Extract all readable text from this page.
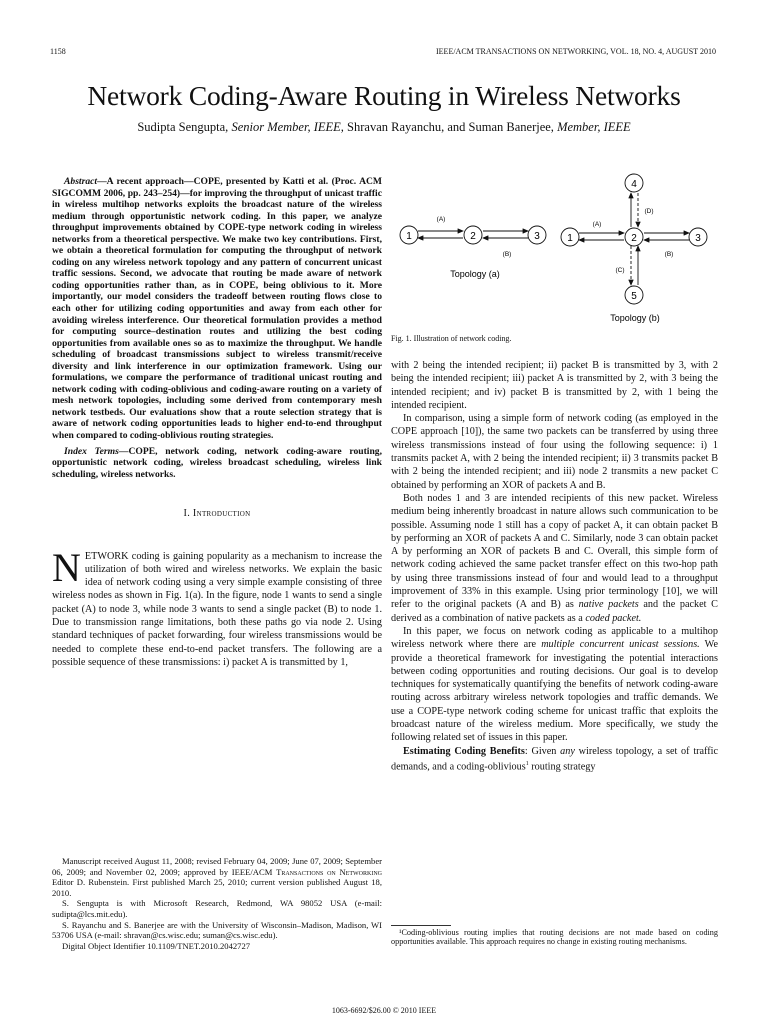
1158	IEEE/ACM TRANSACTIONS ON NETWORKING, VOL. 18, NO. 4, AUGUST 2010
Network Coding-Aware Routing in Wireless Networks
Sudipta Sengupta, Senior Member, IEEE, Shravan Rayanchu, and Suman Banerjee, Member, IEEE

Abstract—A recent approach—COPE, presented by Katti et al. (Proc. ACM SIGCOMM 2006, pp. 243–254)—for improving the throughput of unicast traffic in wireless multihop networks exploits the broadcast nature of the wireless medium through opportunistic network coding. In this paper, we analyze throughput improvements obtained by COPE-type network coding in wireless networks from a theoretical perspective. We make two key contributions. First, we obtain a theoretical formulation for computing the throughput of network coding on any wireless network topology and any pattern of concurrent unicast traffic sessions. Second, we advocate that routing be made aware of network coding opportunities rather than, as in COPE, being oblivious to it. More importantly, our model considers the tradeoff between routing flows close to each other for utilizing coding opportunities and away from each other for avoiding wireless interference. Our theoretical formulation provides a method for computing source–destination routes and utilizing the best coding opportunities from available ones so as to maximize the throughput. We handle scheduling of broadcast transmissions subject to wireless transmit/receive diversity and link interference in our optimization framework. Using our formulations, we compare the performance of traditional unicast routing and network coding with coding-oblivious and coding-aware routing on a variety of mesh network topologies, including some derived from contemporary mesh network testbeds. Our evaluations show that a route selection strategy that is aware of network coding opportunities leads to higher end-to-end throughput when compared to coding-oblivious routing strategies.

Index Terms—COPE, network coding, network coding-aware routing, opportunistic network coding, wireless broadcast scheduling, wireless link scheduling, wireless networks.

I. Introduction

NETWORK coding is gaining popularity as a mechanism to increase the utilization of both wired and wireless networks. We explain the basic idea of network coding using a very simple example consisting of three wireless nodes as shown in Fig. 1(a). In the figure, node 1 wants to send a single packet (A) to node 3, while node 3 wants to send a single packet (B) to node 1. Due to transmission range limitations, both these paths go via node 2. Using standard techniques of packet forwarding, four wireless transmissions would be needed to complete these end-to-end packet transfers. The following are a possible sequence of these transmissions: i) packet A is transmitted by 1,

Manuscript received August 11, 2008; revised February 04, 2009; June 07, 2009; September 06, 2009; and November 02, 2009; approved by IEEE/ACM Transactions on Networking Editor D. Rubenstein. First published March 25, 2010; current version published August 18, 2010.

S. Sengupta is with Microsoft Research, Redmond, WA 98052 USA (e-mail: sudipta@lcs.mit.edu).

S. Rayanchu and S. Banerjee are with the University of Wisconsin–Madison, Madison, WI 53706 USA (e-mail: shravan@cs.wisc.edu; suman@cs.wisc.edu).

Digital Object Identifier 10.1109/TNET.2010.2042727

1	2	3
(A)
(B)
Topology (a)
1	2	3
4
5
(A)
(B)
(C)
(D)
Topology (b)
Fig. 1. Illustration of network coding.

with 2 being the intended recipient; ii) packet B is transmitted by 3, with 2 being the intended recipient; iii) packet A is transmitted by 2, with 3 being the intended recipient; and iv) packet B is transmitted by 2, with 1 being the intended recipient.

In comparison, using a simple form of network coding (as employed in the COPE approach [10]), the same two packets can be transferred by using three wireless transmissions instead of four using the following sequence: i) 1 transmits packet A, with 2 being the intended recipient; ii) 3 transmits packet B with 2 being the intended recipient; and iii) node 2 transmits a new packet C obtained by performing an XOR of packets A and B.

Both nodes 1 and 3 are intended recipients of this new packet. Wireless medium being inherently broadcast in nature allows such communication to be possible. Assuming node 1 still has a copy of packet A, it can obtain packet B by performing an XOR of packets A and C. Similarly, node 3 can obtain packet A by performing an XOR of packets B and C. Overall, this simple form of network coding achieved the same packet transfer effect on this two-hop path by using three transmissions instead of four and would lead to a throughput improvement of 33% in this example. Using prior terminology [10], we will refer to the original packets (A and B) as native packets and the packet C derived as a combination of native packets as a coded packet.

In this paper, we focus on network coding as applicable to a multihop wireless network where there are multiple concurrent unicast sessions. We provide a theoretical framework for investigating the potential interactions between coding opportunities and routing decisions. Our goal is to develop techniques for systematically quantifying the benefits of network coding-aware routing across arbitrary wireless network topologies and traffic demands. We use a COPE-type network coding scheme for unicast traffic that exploits the broadcast nature of the wireless medium. More specifically, we study the following related set of issues in this paper.

Estimating Coding Benefits: Given any wireless topology, a set of traffic demands, and a coding-oblivious$^1$ routing strategy

¹Coding-oblivious routing implies that routing decisions are not made based on coding opportunities available. This approach requires no change in existing routing mechanisms.

1063-6692/$26.00 © 2010 IEEE
